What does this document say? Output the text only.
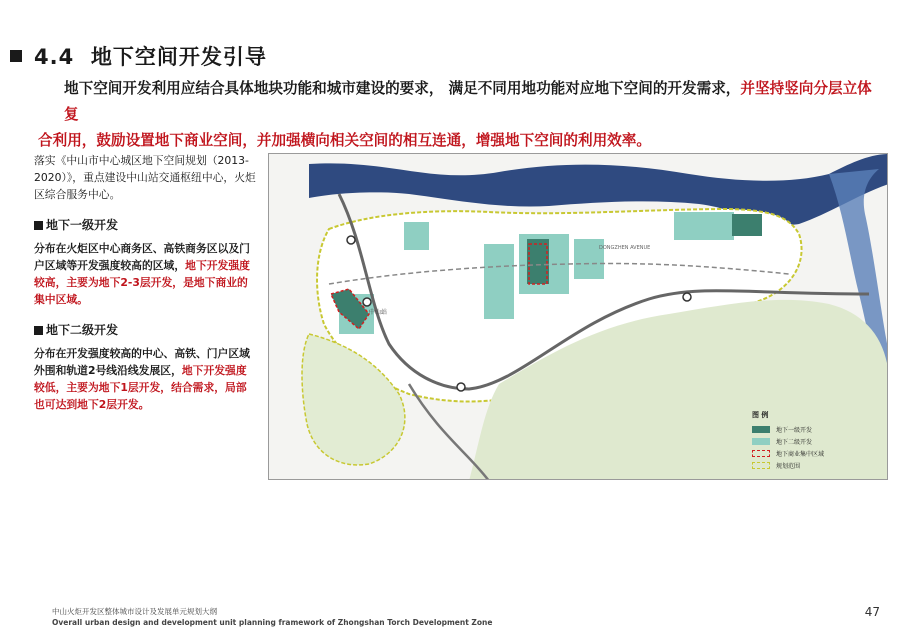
4.4 地下空间开发引导
地下空间开发利用应结合具体地块功能和城市建设的要求， 满足不同用地功能对应地下空间的开发需求，并坚持竖向分层立体复
合利用，鼓励设置地下商业空间，并加强横向相关空间的相互连通，增强地下空间的利用效率。

落实《中山市中心城区地下空间规划（2013-2020）》，重点建设中山站交通枢纽中心，火炬区综合服务中心。

地下一级开发
分布在火炬区中心商务区、高铁商务区以及门户区域等开发强度较高的区域，地下开发强度较高，主要为地下2-3层开发，是地下商业的集中区域。
地下二级开发
分布在开发强度较高的中心、高铁、门户区域外围和轨道2号线沿线发展区，地下开发强度较低，主要为地下1层开发，结合需求，局部也可达到地下2层开发。
中山站
DONGZHEN AVENUE
图 例
地下一级开发
地下二级开发
地下商业集中区域
规划范围
中山火炬开发区整体城市设计及发展单元规划大纲
Overall urban design and development unit planning framework of Zhongshan Torch Development Zone
47
